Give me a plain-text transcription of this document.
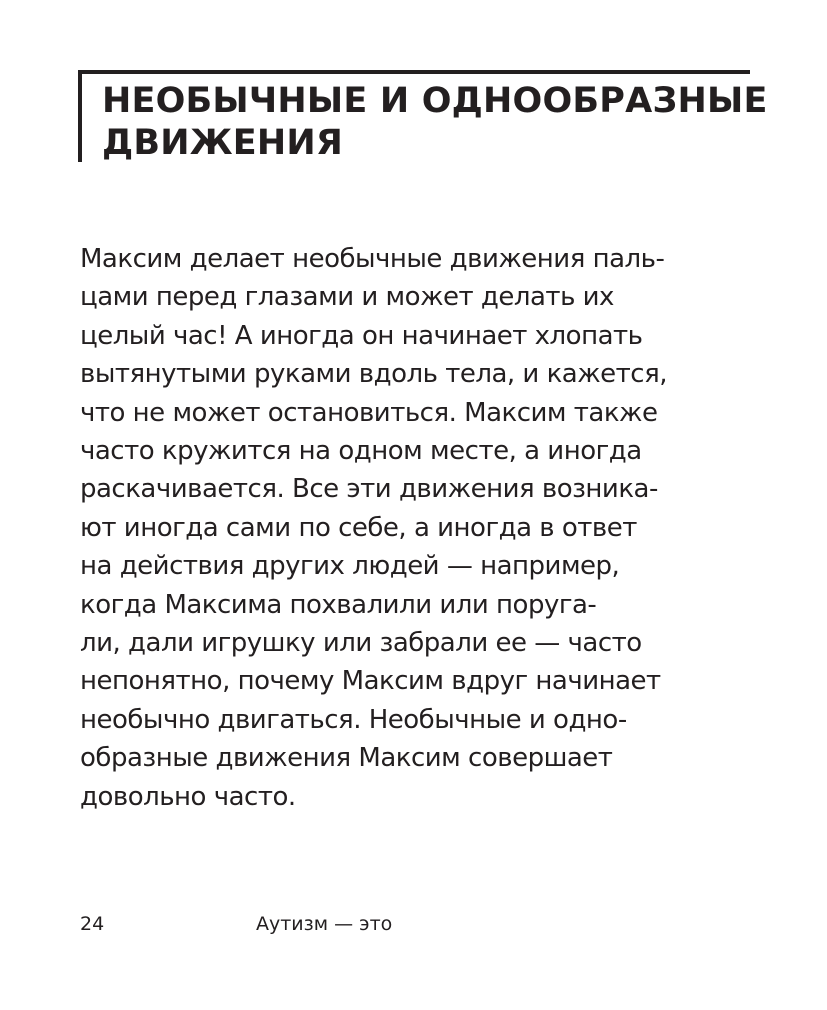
НЕОБЫЧНЫЕ И ОДНООБРАЗНЫЕ
ДВИЖЕНИЯ

Максим делает необычные движения паль-
цами перед глазами и может делать их
целый час! А иногда он начинает хлопать
вытянутыми руками вдоль тела, и кажется,
что не может остановиться. Максим также
часто кружится на одном месте, а иногда
раскачивается. Все эти движения возника-
ют иногда сами по себе, а иногда в ответ
на действия других людей — например,
когда Максима похвалили или поруга-
ли, дали игрушку или забрали ее — часто
непонятно, почему Максим вдруг начинает
необычно двигаться. Необычные и одно-
образные движения Максим совершает
довольно часто.

24	Аутизм — это
